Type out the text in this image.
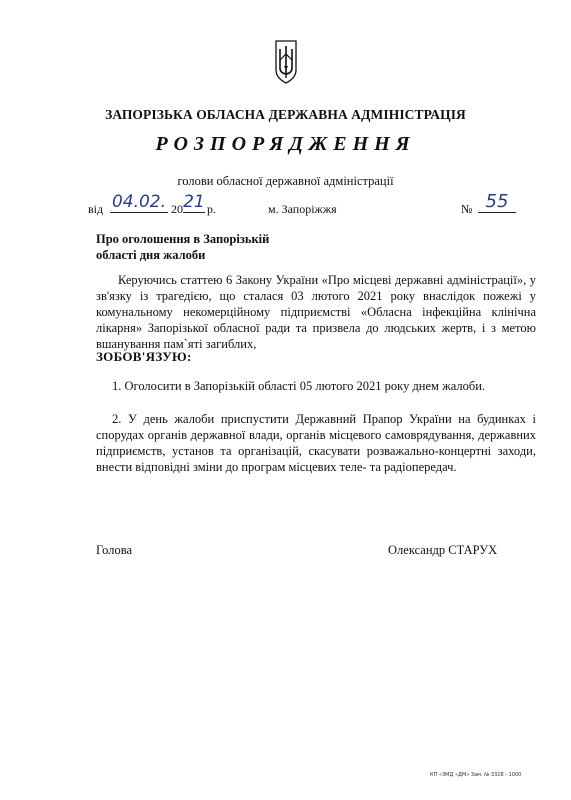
ЗАПОРІЗЬКА ОБЛАСНА ДЕРЖАВНА АДМІНІСТРАЦІЯ
РОЗПОРЯДЖЕННЯ
голови обласної державної адміністрації
від 04.02. 20 21 р.	м. Запоріжжя	№ 55
Про оголошення в Запорізькій
області дня жалоби
Керуючись статтею 6 Закону України «Про місцеві державні адміністрації», у зв'язку із трагедією, що сталася 03 лютого 2021 року внаслідок пожежі у комунальному некомерційному підприємстві «Обласна інфекційна клінічна лікарня» Запорізької обласної ради та призвела до людських жертв, і з метою вшанування пам`яті загиблих,
ЗОБОВ'ЯЗУЮ:
1. Оголосити в Запорізькій області 05 лютого 2021 року днем жалоби.
2. У день жалоби приспустити Державний Прапор України на будинках і спорудах органів державної влади, органів місцевого самоврядування, державних підприємств, установ та організацій, скасувати розважально-концертні заходи, внести відповідні зміни до програм місцевих теле- та радіопередач.
Голова	Олександр СТАРУХ
КП «ЗМД «ДМ» Зам. № 3328 - 1000
